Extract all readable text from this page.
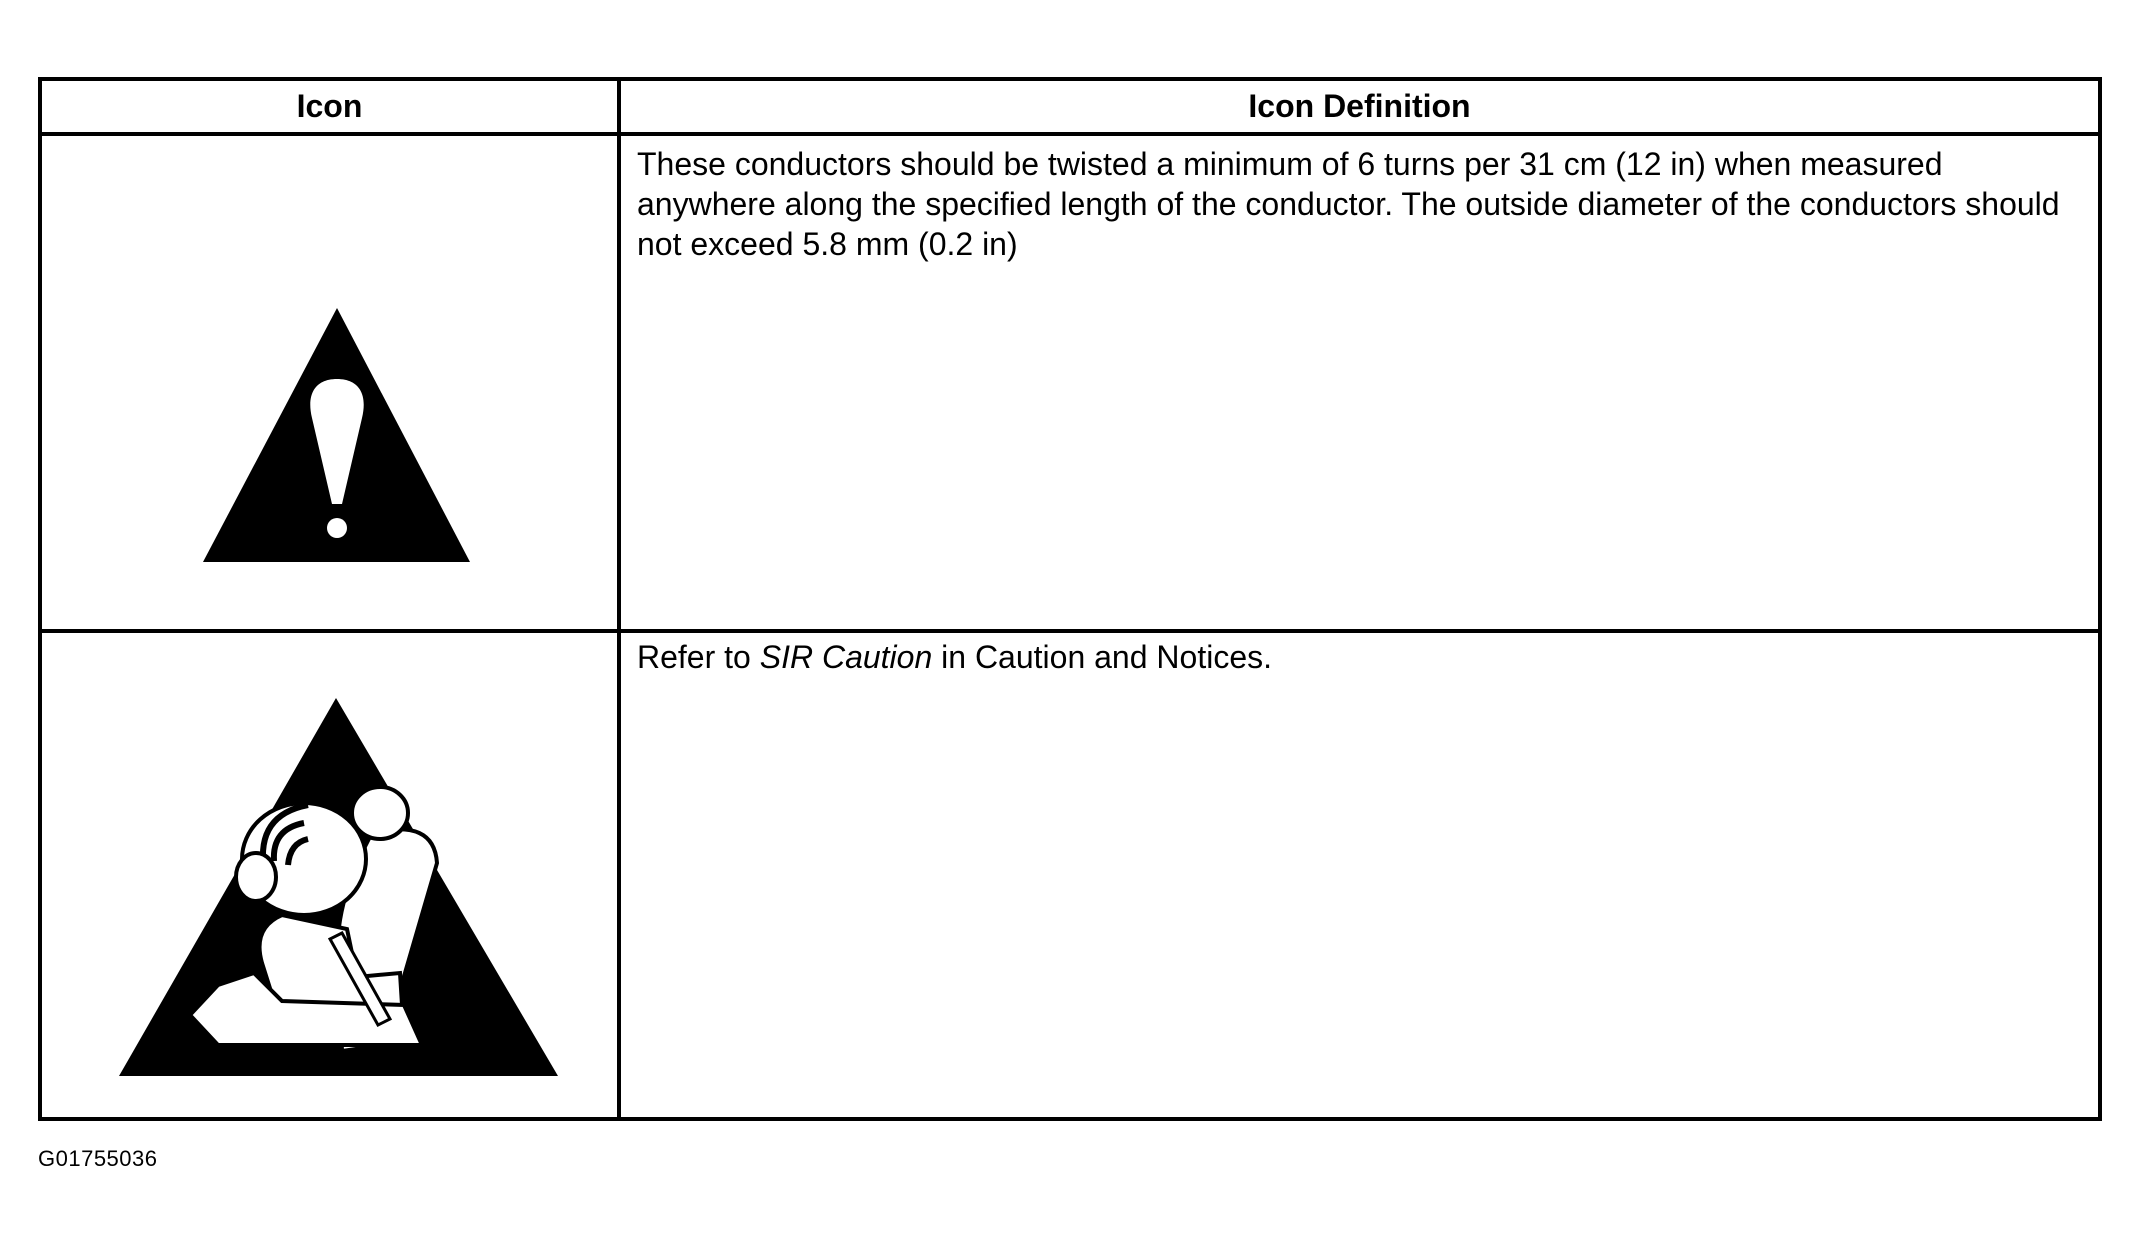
Icon	Icon Definition
These conductors should be twisted a minimum of 6 turns per 31 cm (12 in) when measured anywhere along the specified length of the conductor. The outside diameter of the conductors should not exceed 5.8 mm (0.2 in)
Refer to SIR Caution in Caution and Notices.
G01755036
